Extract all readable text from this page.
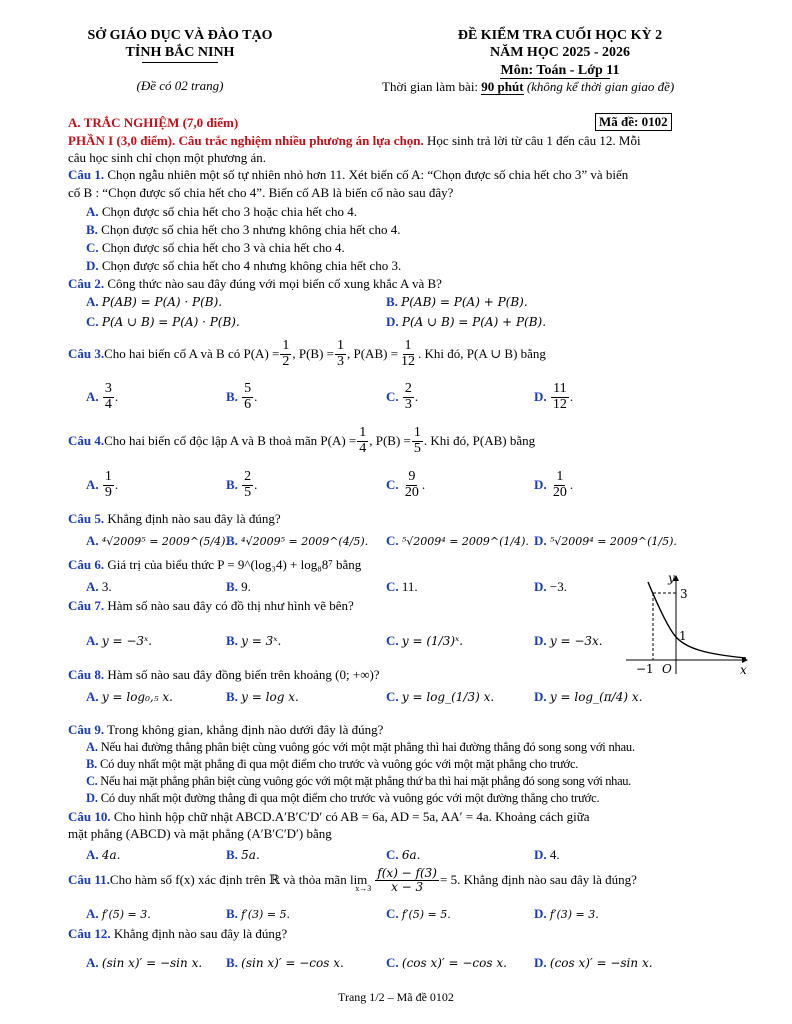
SỞ GIÁO DỤC VÀ ĐÀO TẠO
TỈNH BẮC NINH
(Đề có 02 trang)
ĐỀ KIỂM TRA CUỐI HỌC KỲ 2
NĂM HỌC 2025 - 2026
Môn: Toán - Lớp 11
Thời gian làm bài: 90 phút (không kể thời gian giao đề)
A. TRẮC NGHIỆM (7,0 điểm)	Mã đề: 0102
PHẦN I (3,0 điểm). Câu trắc nghiệm nhiều phương án lựa chọn. Học sinh trả lời từ câu 1 đến câu 12. Mỗi
câu học sinh chỉ chọn một phương án.
Câu 1. Chọn ngẫu nhiên một số tự nhiên nhỏ hơn 11. Xét biến cố A: “Chọn được số chia hết cho 3” và biến
cố B : “Chọn được số chia hết cho 4”. Biến cố AB là biến cố nào sau đây?
A. Chọn được số chia hết cho 3 hoặc chia hết cho 4.
B. Chọn được số chia hết cho 3 nhưng không chia hết cho 4.
C. Chọn được số chia hết cho 3 và chia hết cho 4.
D. Chọn được số chia hết cho 4 nhưng không chia hết cho 3.
Câu 2. Công thức nào sau đây đúng với mọi biến cố xung khắc A và B?
A. P(AB) = P(A) · P(B).	B. P(AB) = P(A) + P(B).
C. P(A ∪ B) = P(A) · P(B).	D. P(A ∪ B) = P(A) + P(B).
Câu 3. Cho hai biến cố A và B có $P(A) = \frac{1}{2}$ , $P(B) = \frac{1}{3}$ , $P(AB) = \frac{1}{12}$ . Khi đó, P(A ∪ B) bằng
A.
$\frac{3}{4}$ .	B.
$\frac{5}{6}$ .	C.
$\frac{2}{3}$ .	D.
$\frac{11}{12}$ .
Câu 4. Cho hai biến cố độc lập A và B thoả mãn $P(A) = \frac{1}{4}$ , $P(B) = \frac{1}{5}$ . Khi đó, P(AB) bằng
A.
$\frac{1}{9}$ .	B.
$\frac{2}{5}$ .	C.
$\frac{9}{20}$ .	D.
$\frac{1}{20}$ .
Câu 5. Khẳng định nào sau đây là đúng?
A. ⁴√2009⁵ = 2009^(5/4).
B. ⁴√2009⁵ = 2009^(4/5). C. ⁵√2009⁴ = 2009^(1/4). D. ⁵√2009⁴ = 2009^(1/5).
Câu 6. Giá trị của biểu thức P = 9^(log₃4) + log₈8⁷ bằng
A. 3.	B. 9.	C. 11.	D. −3.
Câu 7. Hàm số nào sau đây có đồ thị như hình vẽ bên?
A. y = −3ˣ.	B. y = 3ˣ.	C. y = (1/3)ˣ.	D. y = −3x.
y
3
1
−1 O	x
Câu 8. Hàm số nào sau đây đồng biến trên khoảng (0; +∞)?
A. y = log₀,₅ x.	B. y = log x.	C. y = log_(1/3) x.	D. y = log_(π/4) x.
Câu 9. Trong không gian, khẳng định nào dưới đây là đúng?
A. Nếu hai đường thẳng phân biệt cùng vuông góc với một mặt phẳng thì hai đường thẳng đó song song với nhau.
B. Có duy nhất một mặt phẳng đi qua một điểm cho trước và vuông góc với một mặt phẳng cho trước.
C. Nếu hai mặt phẳng phân biệt cùng vuông góc với một mặt phẳng thứ ba thì hai mặt phẳng đó song song với nhau.
D. Có duy nhất một đường thẳng đi qua một điểm cho trước và vuông góc với một đường thẳng cho trước.
Câu 10. Cho hình hộp chữ nhật ABCD.A′B′C′D′ có AB = 6a, AD = 5a, AA′ = 4a. Khoảng cách giữa
mặt phẳng (ABCD) và mặt phẳng (A′B′C′D′) bằng
A. 4a.	B. 5a.	C. 6a.	D. 4.
Câu 11. Cho hàm số f(x) xác định trên ℝ và thỏa mãn lim
$x\to 3 \frac{f(x) - f(3)}{x - 3} = 5$. Khẳng định nào sau đây là đúng?
A. f′(5) = 3.	B. f′(3) = 5.	C. f′(5) = 5.	D. f′(3) = 3.
Câu 12. Khẳng định nào sau đây là đúng?
A. (sin x)′ = −sin x. B. (sin x)′ = −cos x.	C. (cos x)′ = −cos x. D. (cos x)′ = −sin x.
Trang 1/2 – Mã đề 0102
